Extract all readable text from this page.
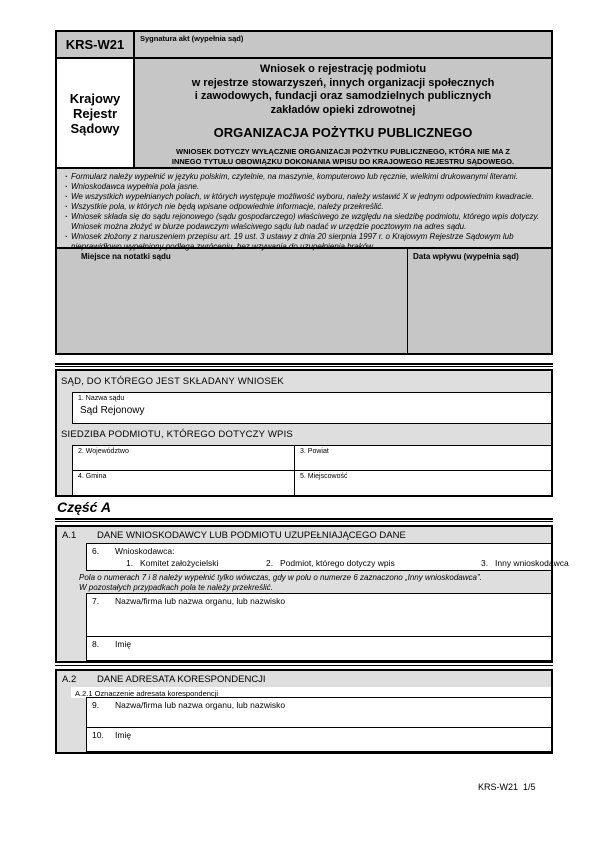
KRS-W21	Sygnatura akt (wypełnia sąd)
Krajowy
Rejestr
Sądowy
Wniosek o rejestrację podmiotu
w rejestrze stowarzyszeń, innych organizacji społecznych
i zawodowych, fundacji oraz samodzielnych publicznych
zakładów opieki zdrowotnej
ORGANIZACJA POŻYTKU PUBLICZNEGO
WNIOSEK DOTYCZY WYŁĄCZNIE ORGANIZACJI POŻYTKU PUBLICZNEGO, KTÓRA NIE MA Z INNEGO TYTUŁU OBOWIĄZKU DOKONANIA WPISU DO KRAJOWEGO REJESTRU SĄDOWEGO.
· Formularz należy wypełnić w języku polskim, czytelnie, na maszynie, komputerowo lub ręcznie, wielkimi drukowanymi literami.
· Wnioskodawca wypełnia pola jasne.
· We wszystkich wypełnianych polach, w których występuje możliwość wyboru, należy wstawić X w jednym odpowiednim kwadracie.
· Wszystkie pola, w których nie będą wpisane odpowiednie informacje, należy przekreślić.
· Wniosek składa się do sądu rejonowego (sądu gospodarczego) właściwego ze względu na siedzibę podmiotu, którego wpis dotyczy. Wniosek można złożyć w biurze podawczym właściwego sądu lub nadać w urzędzie pocztowym na adres sądu.
· Wniosek złożony z naruszeniem przepisu art. 19 ust. 3 ustawy z dnia 20 sierpnia 1997 r. o Krajowym Rejestrze Sądowym lub nieprawidłowo wypełniony podlega zwróceniu, bez wzywania do uzupełnienia braków.
Miejsce na notatki sądu	Data wpływu (wypełnia sąd)
SĄD, DO KTÓREGO JEST SKŁADANY WNIOSEK
1. Nazwa sądu
Sąd Rejonowy
SIEDZIBA PODMIOTU, KTÓREGO DOTYCZY WPIS
2. Województwo	3. Powiat
4. Gmina	5. Miejscowość
Część A
A.1	DANE WNIOSKODAWCY LUB PODMIOTU UZUPEŁNIAJĄCEGO DANE
6.	Wnioskodawca:
1. Komitet założycielski	2. Podmiot, którego dotyczy wpis	3. Inny wnioskodawca
Pola o numerach 7 i 8 należy wypełnić tylko wówczas, gdy w polu o numerze 6 zaznaczono „Inny wnioskodawca”.
W pozostałych przypadkach pola te należy przekreślić.
7.	Nazwa/firma lub nazwa organu, lub nazwisko
8.	Imię
A.2	DANE ADRESATA KORESPONDENCJI
A.2.1 Oznaczenie adresata korespondencji
9.	Nazwa/firma lub nazwa organu, lub nazwisko
10.	Imię
KRS-W21  1/5
